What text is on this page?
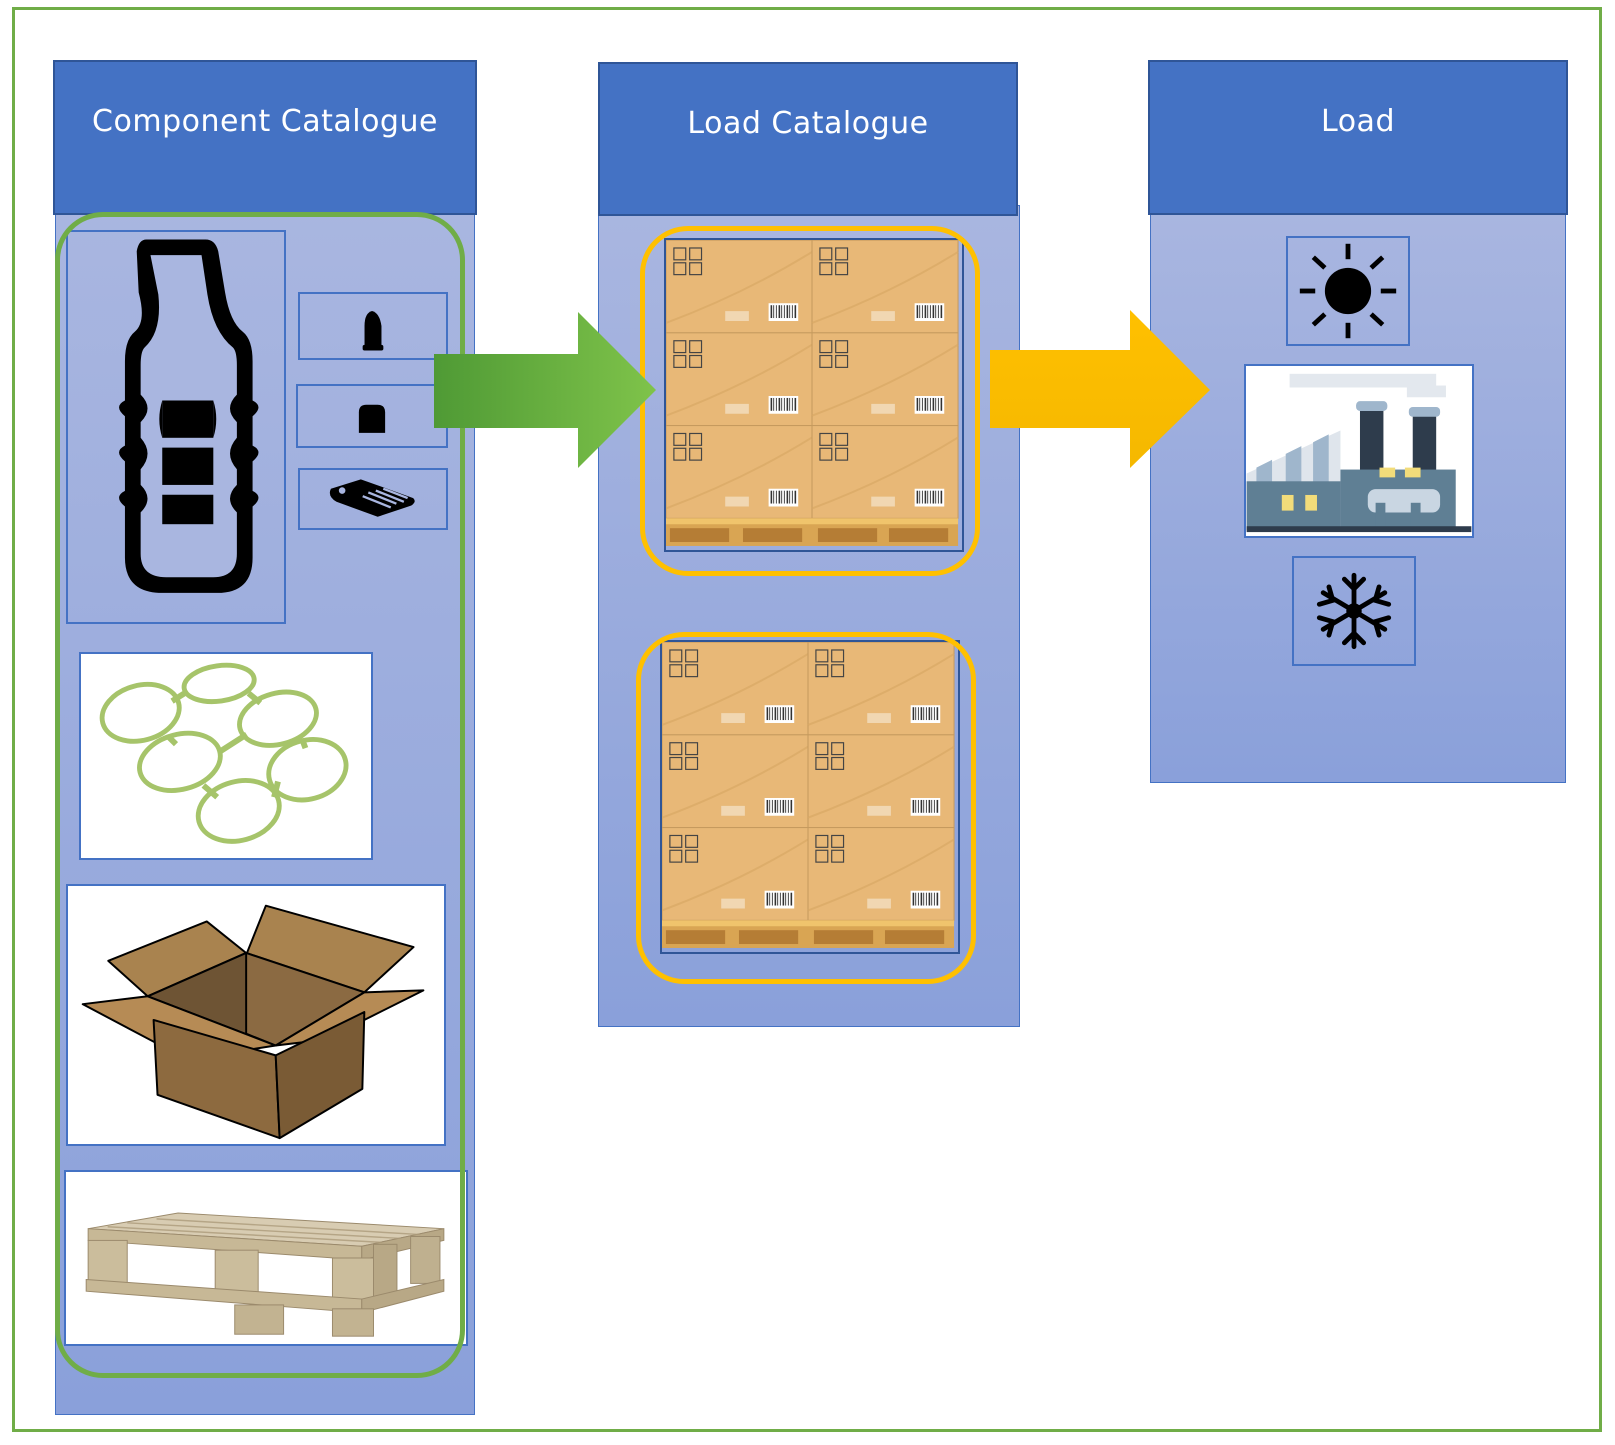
Component Catalogue	Load Catalogue	Load
